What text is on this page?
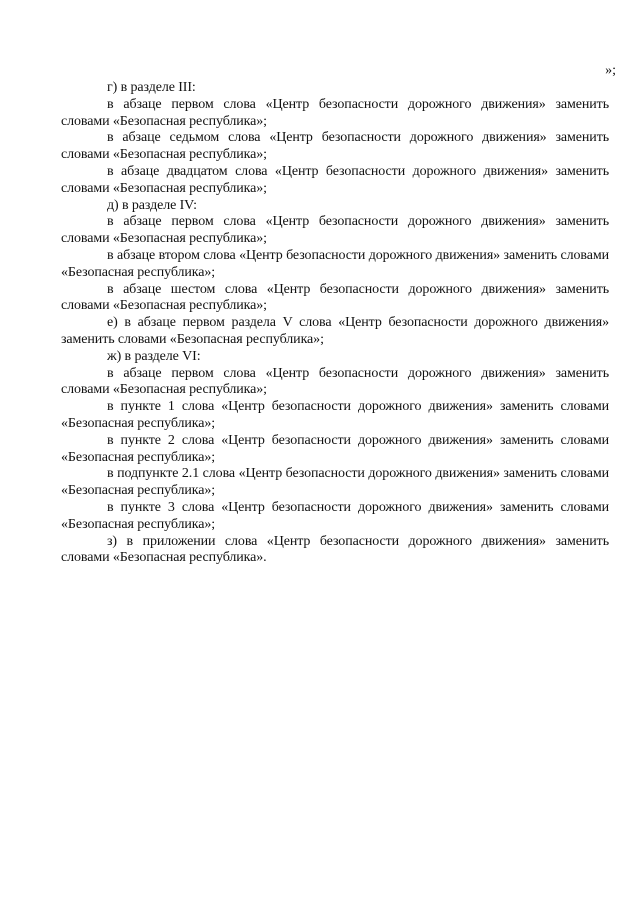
»;

г) в разделе III:

в абзаце первом слова «Центр безопасности дорожного движения» заменить словами «Безопасная республика»;

в абзаце седьмом слова «Центр безопасности дорожного движения» заменить словами «Безопасная республика»;

в абзаце двадцатом слова «Центр безопасности дорожного движения» заменить словами «Безопасная республика»;

д) в разделе IV:

в абзаце первом слова «Центр безопасности дорожного движения» заменить словами «Безопасная республика»;

в абзаце втором слова «Центр безопасности дорожного движения» заменить словами «Безопасная республика»;

в абзаце шестом слова «Центр безопасности дорожного движения» заменить словами «Безопасная республика»;

е) в абзаце первом раздела V слова «Центр безопасности дорожного движения» заменить словами «Безопасная республика»;

ж) в разделе VI:

в абзаце первом слова «Центр безопасности дорожного движения» заменить словами «Безопасная республика»;

в пункте 1 слова «Центр безопасности дорожного движения» заменить словами «Безопасная республика»;

в пункте 2 слова «Центр безопасности дорожного движения» заменить словами «Безопасная республика»;

в подпункте 2.1 слова «Центр безопасности дорожного движения» заменить словами «Безопасная республика»;

в пункте 3 слова «Центр безопасности дорожного движения» заменить словами «Безопасная республика»;

з) в приложении слова «Центр безопасности дорожного движения» заменить словами «Безопасная республика».
